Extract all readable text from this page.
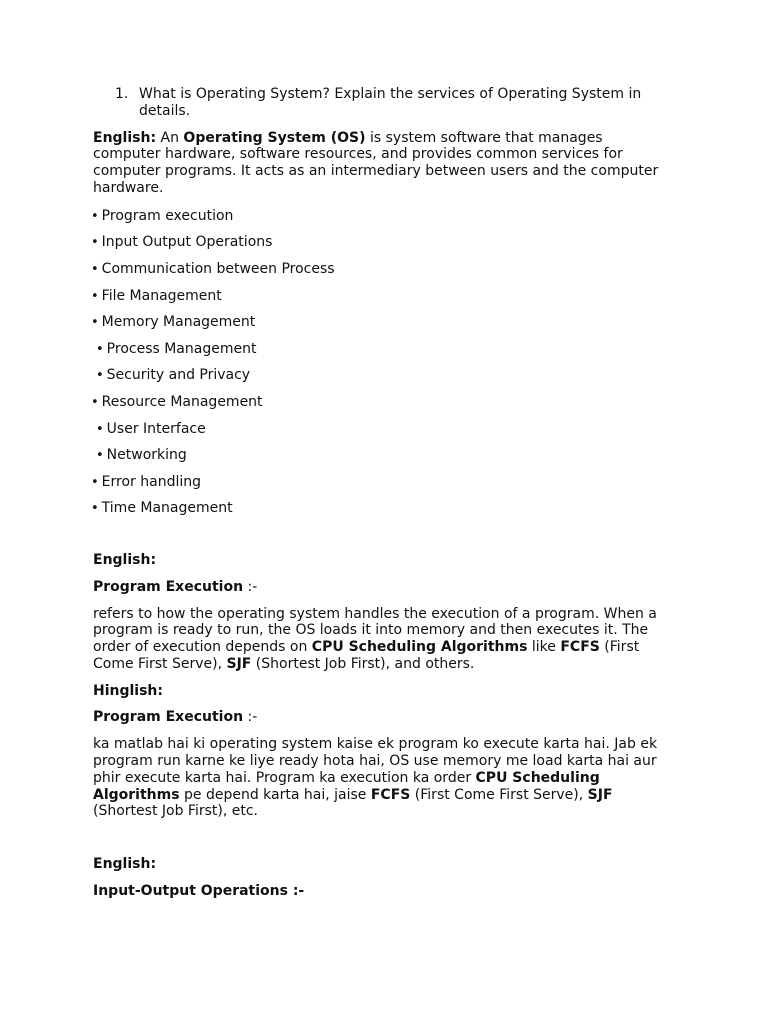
1. What is Operating System? Explain the services of Operating System in details.

English: An Operating System (OS) is system software that manages computer hardware, software resources, and provides common services for computer programs. It acts as an intermediary between users and the computer hardware.

• Program execution
• Input Output Operations
• Communication between Process
• File Management
• Memory Management
• Process Management
• Security and Privacy
• Resource Management
• User Interface
• Networking
• Error handling
• Time Management
English:
Program Execution :-

refers to how the operating system handles the execution of a program. When a program is ready to run, the OS loads it into memory and then executes it. The order of execution depends on CPU Scheduling Algorithms like FCFS (First Come First Serve), SJF (Shortest Job First), and others.

Hinglish:
Program Execution :-

ka matlab hai ki operating system kaise ek program ko execute karta hai. Jab ek program run karne ke liye ready hota hai, OS use memory me load karta hai aur phir execute karta hai. Program ka execution ka order CPU Scheduling Algorithms pe depend karta hai, jaise FCFS (First Come First Serve), SJF (Shortest Job First), etc.

English:
Input-Output Operations :-
